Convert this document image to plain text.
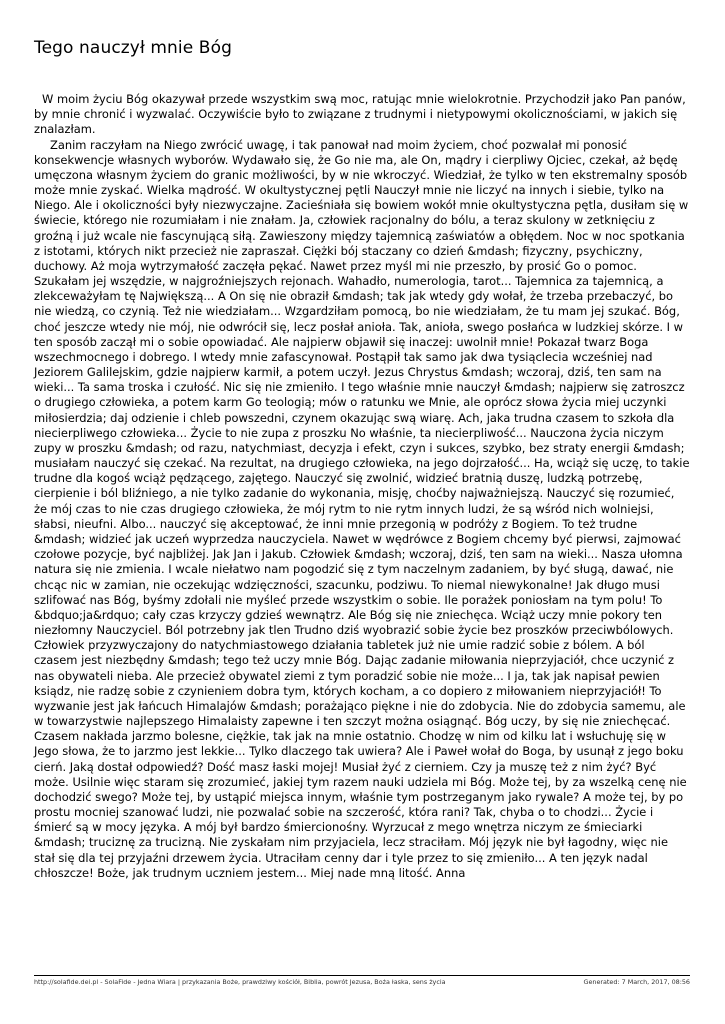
Tego nauczył mnie Bóg

W moim życiu Bóg okazywał przede wszystkim swą moc, ratując mnie wielokrotnie. Przychodził jako Pan panów, by mnie chronić i wyzwalać. Oczywiście było to związane z trudnymi i nietypowymi okolicznościami, w jakich się znalazłam.

Zanim raczyłam na Niego zwrócić uwagę, i tak panował nad moim życiem, choć pozwalał mi ponosić konsekwencje własnych wyborów. Wydawało się, że Go nie ma, ale On, mądry i cierpliwy Ojciec, czekał, aż będę umęczona własnym życiem do granic możliwości, by w nie wkroczyć. Wiedział, że tylko w ten ekstremalny sposób może mnie zyskać. Wielka mądrość. W okultystycznej pętli Nauczył mnie nie liczyć na innych i siebie, tylko na Niego. Ale i okoliczności były niezwyczajne. Zacieśniała się bowiem wokół mnie okultystyczna pętla, dusiłam się w świecie, którego nie rozumiałam i nie znałam. Ja, człowiek racjonalny do bólu, a teraz skulony w zetknięciu z groźną i już wcale nie fascynującą siłą. Zawieszony między tajemnicą zaświatów a obłędem. Noc w noc spotkania z istotami, których nikt przecież nie zapraszał. Ciężki bój staczany co dzień &mdash; fizyczny, psychiczny, duchowy. Aż moja wytrzymałość zaczęła pękać. Nawet przez myśl mi nie przeszło, by prosić Go o pomoc. Szukałam jej wszędzie, w najgroźniejszych rejonach. Wahadło, numerologia, tarot... Tajemnica za tajemnicą, a zlekceważyłam tę Największą... A On się nie obraził &mdash; tak jak wtedy gdy wołał, że trzeba przebaczyć, bo nie wiedzą, co czynią. Też nie wiedziałam... Wzgardziłam pomocą, bo nie wiedziałam, że tu mam jej szukać. Bóg, choć jeszcze wtedy nie mój, nie odwrócił się, lecz posłał anioła. Tak, anioła, swego posłańca w ludzkiej skórze. I w ten sposób zaczął mi o sobie opowiadać. Ale najpierw objawił się inaczej: uwolnił mnie! Pokazał twarz Boga wszechmocnego i dobrego. I wtedy mnie zafascynował. Postąpił tak samo jak dwa tysiąclecia wcześniej nad Jeziorem Galilejskim, gdzie najpierw karmił, a potem uczył. Jezus Chrystus &mdash; wczoraj, dziś, ten sam na wieki... Ta sama troska i czułość. Nic się nie zmieniło. I tego właśnie mnie nauczył &mdash; najpierw się zatroszcz o drugiego człowieka, a potem karm Go teologią; mów o ratunku we Mnie, ale oprócz słowa życia miej uczynki miłosierdzia; daj odzienie i chleb powszedni, czynem okazując swą wiarę. Ach, jaka trudna czasem to szkoła dla niecierpliwego człowieka... Życie to nie zupa z proszku No właśnie, ta niecierpliwość... Nauczona życia niczym zupy w proszku &mdash; od razu, natychmiast, decyzja i efekt, czyn i sukces, szybko, bez straty energii &mdash; musiałam nauczyć się czekać. Na rezultat, na drugiego człowieka, na jego dojrzałość... Ha, wciąż się uczę, to takie trudne dla kogoś wciąż pędzącego, zajętego. Nauczyć się zwolnić, widzieć bratnią duszę, ludzką potrzebę, cierpienie i ból bliźniego, a nie tylko zadanie do wykonania, misję, choćby najważniejszą. Nauczyć się rozumieć, że mój czas to nie czas drugiego człowieka, że mój rytm to nie rytm innych ludzi, że są wśród nich wolniejsi, słabsi, nieufni. Albo... nauczyć się akceptować, że inni mnie przegonią w podróży z Bogiem. To też trudne &mdash; widzieć jak uczeń wyprzedza nauczyciela. Nawet w wędrówce z Bogiem chcemy być pierwsi, zajmować czołowe pozycje, być najbliżej. Jak Jan i Jakub. Człowiek &mdash; wczoraj, dziś, ten sam na wieki... Nasza ułomna natura się nie zmienia. I wcale niełatwo nam pogodzić się z tym naczelnym zadaniem, by być sługą, dawać, nie chcąc nic w zamian, nie oczekując wdzięczności, szacunku, podziwu. To niemal niewykonalne! Jak długo musi szlifować nas Bóg, byśmy zdołali nie myśleć przede wszystkim o sobie. Ile porażek poniosłam na tym polu! To &bdquo;ja&rdquo; cały czas krzyczy gdzieś wewnątrz. Ale Bóg się nie zniechęca. Wciąż uczy mnie pokory ten niezłomny Nauczyciel. Ból potrzebny jak tlen Trudno dziś wyobrazić sobie życie bez proszków przeciwbólowych. Człowiek przyzwyczajony do natychmiastowego działania tabletek już nie umie radzić sobie z bólem. A ból czasem jest niezbędny &mdash; tego też uczy mnie Bóg. Dając zadanie miłowania nieprzyjaciół, chce uczynić z nas obywateli nieba. Ale przecież obywatel ziemi z tym poradzić sobie nie może... I ja, tak jak napisał pewien ksiądz, nie radzę sobie z czynieniem dobra tym, których kocham, a co dopiero z miłowaniem nieprzyjaciół! To wyzwanie jest jak łańcuch Himalajów &mdash; porażająco piękne i nie do zdobycia. Nie do zdobycia samemu, ale w towarzystwie najlepszego Himalaisty zapewne i ten szczyt można osiągnąć. Bóg uczy, by się nie zniechęcać. Czasem nakłada jarzmo bolesne, ciężkie, tak jak na mnie ostatnio. Chodzę w nim od kilku lat i wsłuchuję się w Jego słowa, że to jarzmo jest lekkie... Tylko dlaczego tak uwiera? Ale i Paweł wołał do Boga, by usunął z jego boku cierń. Jaką dostał odpowiedź? Dość masz łaski mojej! Musiał żyć z cierniem. Czy ja muszę też z nim żyć? Być może. Usilnie więc staram się zrozumieć, jakiej tym razem nauki udziela mi Bóg. Może tej, by za wszelką cenę nie dochodzić swego? Może tej, by ustąpić miejsca innym, właśnie tym postrzeganym jako rywale? A może tej, by po prostu mocniej szanować ludzi, nie pozwalać sobie na szczerość, która rani? Tak, chyba o to chodzi... Życie i śmierć są w mocy języka. A mój był bardzo śmiercionośny. Wyrzucał z mego wnętrza niczym ze śmieciarki &mdash; truciznę za trucizną. Nie zyskałam nim przyjaciela, lecz straciłam. Mój język nie był łagodny, więc nie stał się dla tej przyjaźni drzewem życia. Utraciłam cenny dar i tyle przez to się zmieniło... A ten język nadal chłoszcze! Boże, jak trudnym uczniem jestem... Miej nade mną litość. Anna

http://solafide.dei.pl - SolaFide - Jedna Wiara | przykazania Boże, prawdziwy kościół, Biblia, powrót Jezusa, Boża łaska, sens życia	Generated: 7 March, 2017, 08:56
